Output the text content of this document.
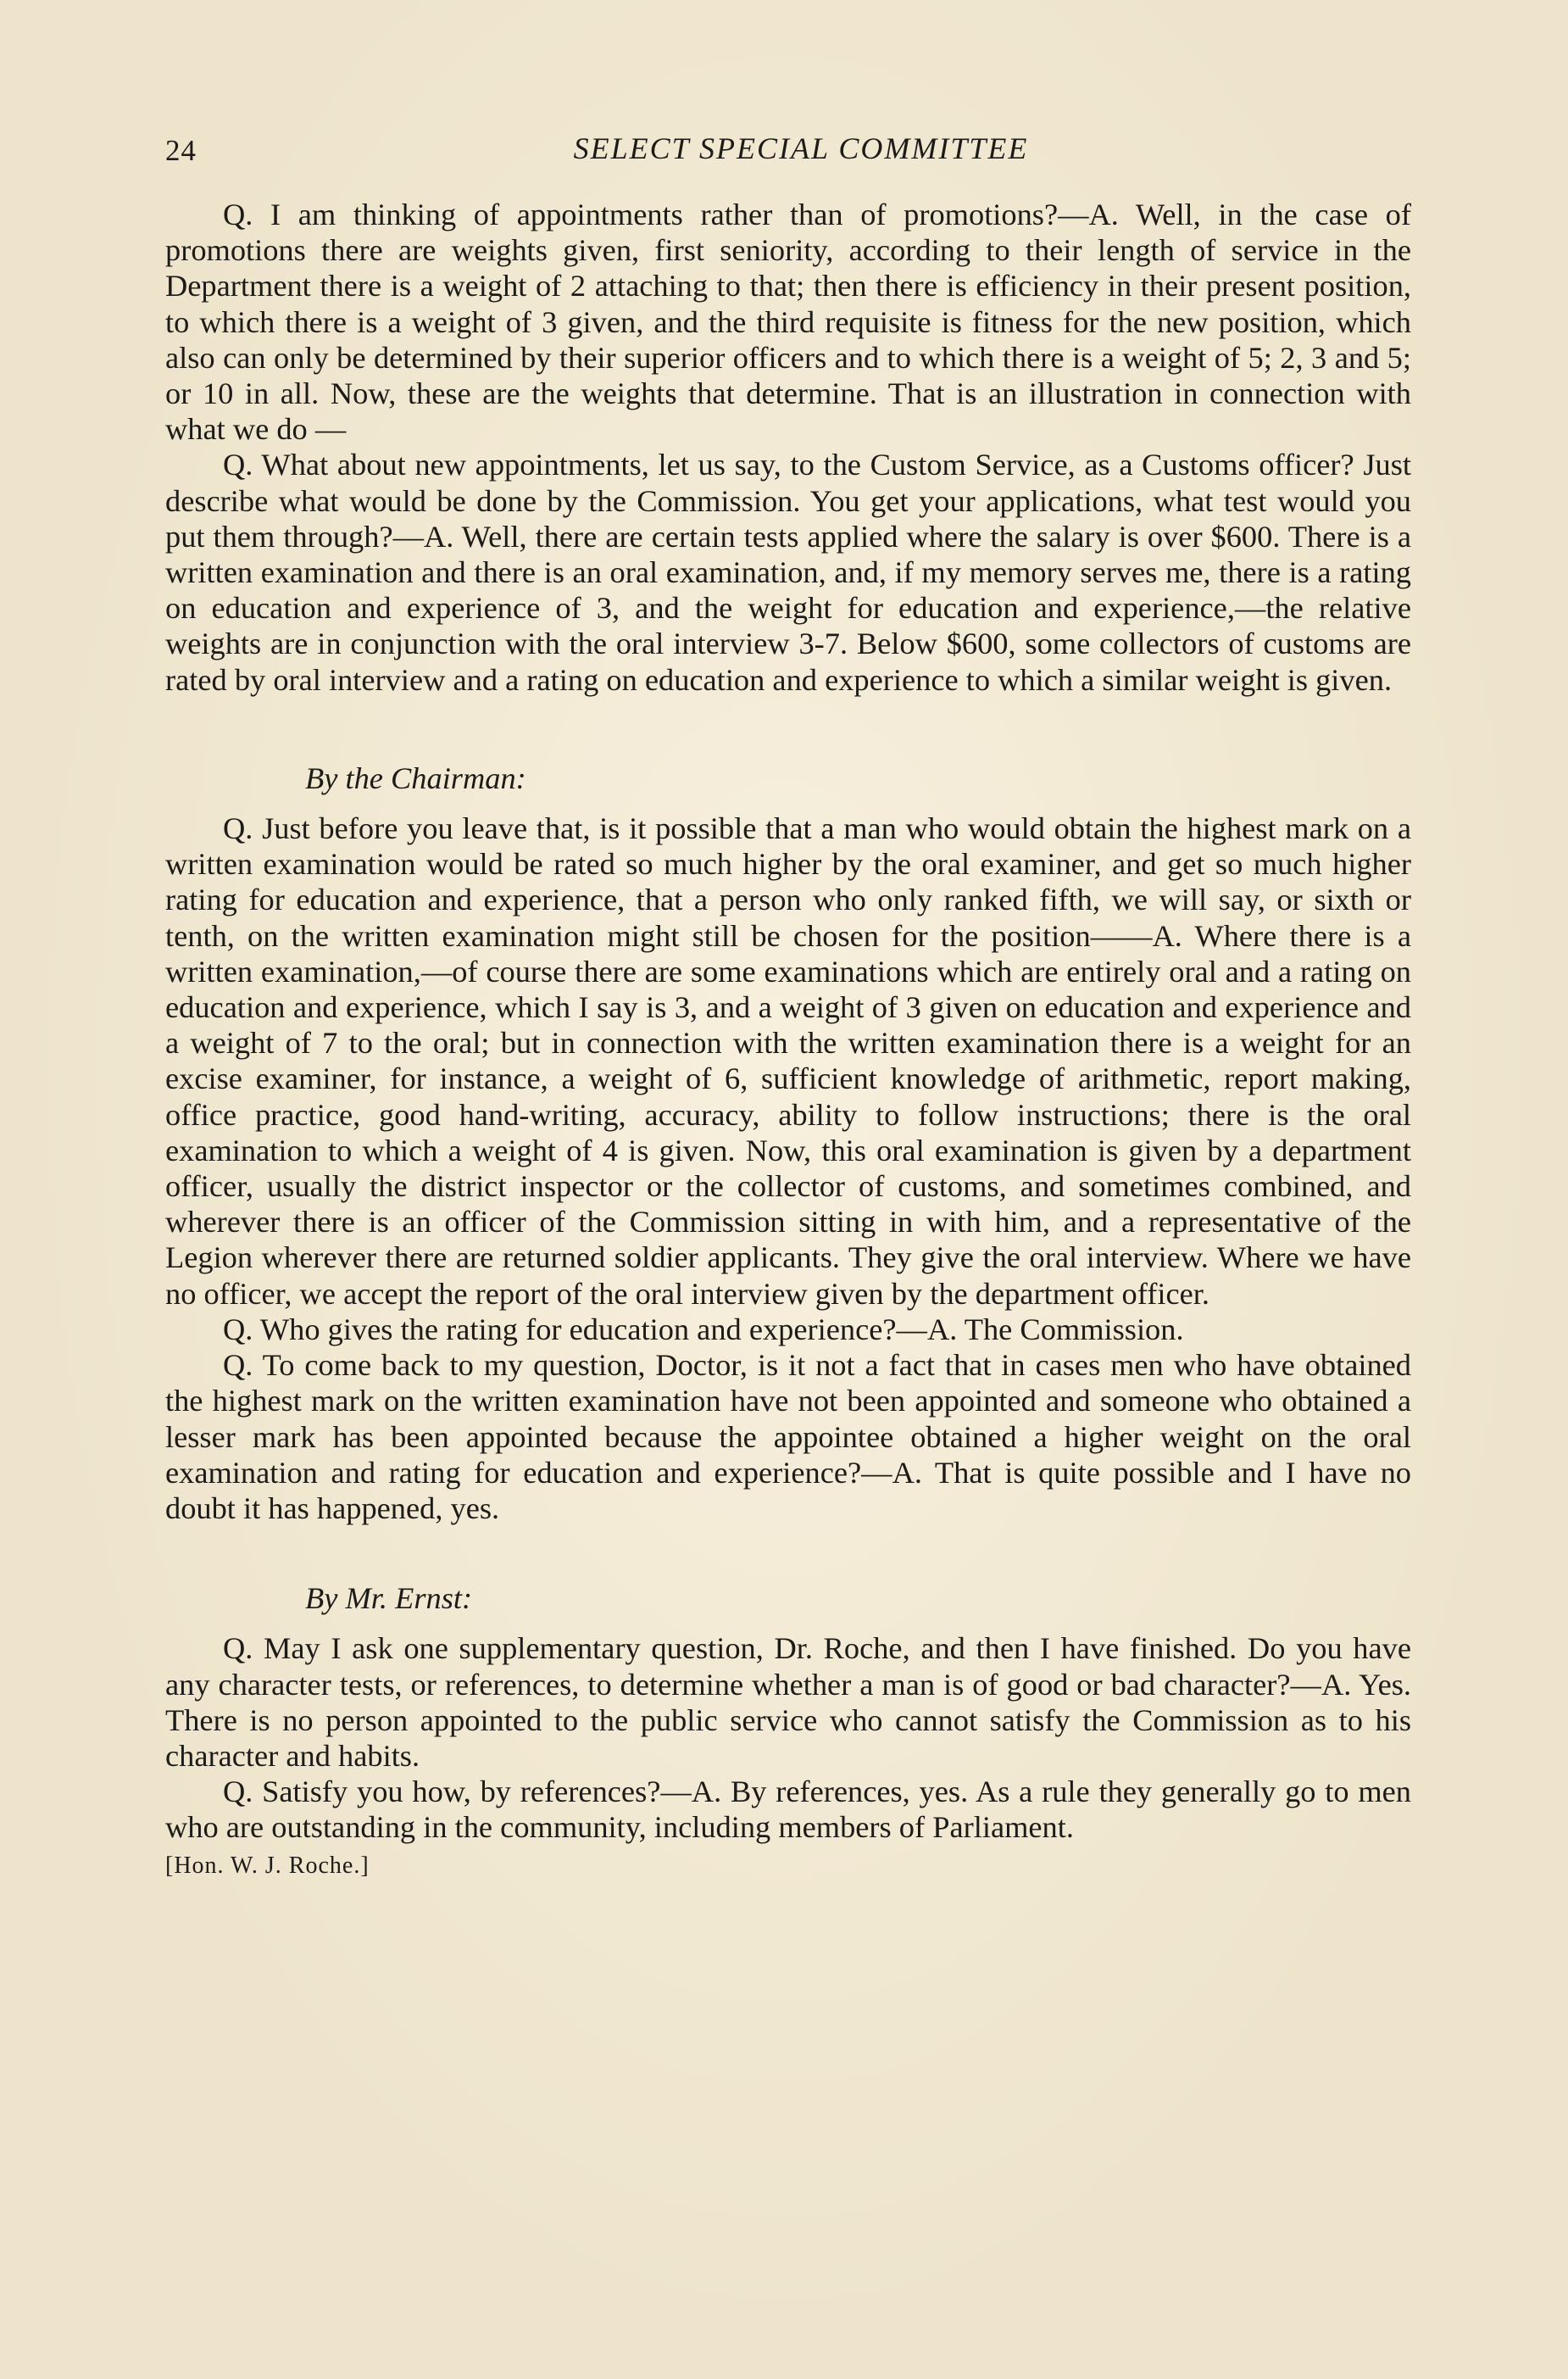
24	SELECT SPECIAL COMMITTEE

Q. I am thinking of appointments rather than of promotions?—A. Well, in the case of promotions there are weights given, first seniority, according to their length of service in the Department there is a weight of 2 attaching to that; then there is efficiency in their present position, to which there is a weight of 3 given, and the third requisite is fitness for the new position, which also can only be determined by their superior officers and to which there is a weight of 5; 2, 3 and 5; or 10 in all. Now, these are the weights that determine. That is an illustration in connection with what we do —

Q. What about new appointments, let us say, to the Custom Service, as a Customs officer? Just describe what would be done by the Commission. You get your applications, what test would you put them through?—A. Well, there are certain tests applied where the salary is over $600. There is a written examination and there is an oral examination, and, if my memory serves me, there is a rating on education and experience of 3, and the weight for education and experience,—the relative weights are in conjunction with the oral interview 3-7. Below $600, some collectors of customs are rated by oral interview and a rating on education and experience to which a similar weight is given.

By the Chairman:

Q. Just before you leave that, is it possible that a man who would obtain the highest mark on a written examination would be rated so much higher by the oral examiner, and get so much higher rating for education and experience, that a person who only ranked fifth, we will say, or sixth or tenth, on the written examination might still be chosen for the position——A. Where there is a written examination,—of course there are some examinations which are entirely oral and a rating on education and experience, which I say is 3, and a weight of 3 given on education and experience and a weight of 7 to the oral; but in connection with the written examination there is a weight for an excise examiner, for instance, a weight of 6, sufficient knowledge of arithmetic, report making, office practice, good hand-writing, accuracy, ability to follow instructions; there is the oral examination to which a weight of 4 is given. Now, this oral examination is given by a department officer, usually the district inspector or the collector of customs, and sometimes combined, and wherever there is an officer of the Commission sitting in with him, and a representative of the Legion wherever there are returned soldier applicants. They give the oral interview. Where we have no officer, we accept the report of the oral interview given by the department officer.

Q. Who gives the rating for education and experience?—A. The Commission.

Q. To come back to my question, Doctor, is it not a fact that in cases men who have obtained the highest mark on the written examination have not been appointed and someone who obtained a lesser mark has been appointed because the appointee obtained a higher weight on the oral examination and rating for education and experience?—A. That is quite possible and I have no doubt it has happened, yes.

By Mr. Ernst:

Q. May I ask one supplementary question, Dr. Roche, and then I have finished. Do you have any character tests, or references, to determine whether a man is of good or bad character?—A. Yes. There is no person appointed to the public service who cannot satisfy the Commission as to his character and habits.

Q. Satisfy you how, by references?—A. By references, yes. As a rule they generally go to men who are outstanding in the community, including members of Parliament.

[Hon. W. J. Roche.]
